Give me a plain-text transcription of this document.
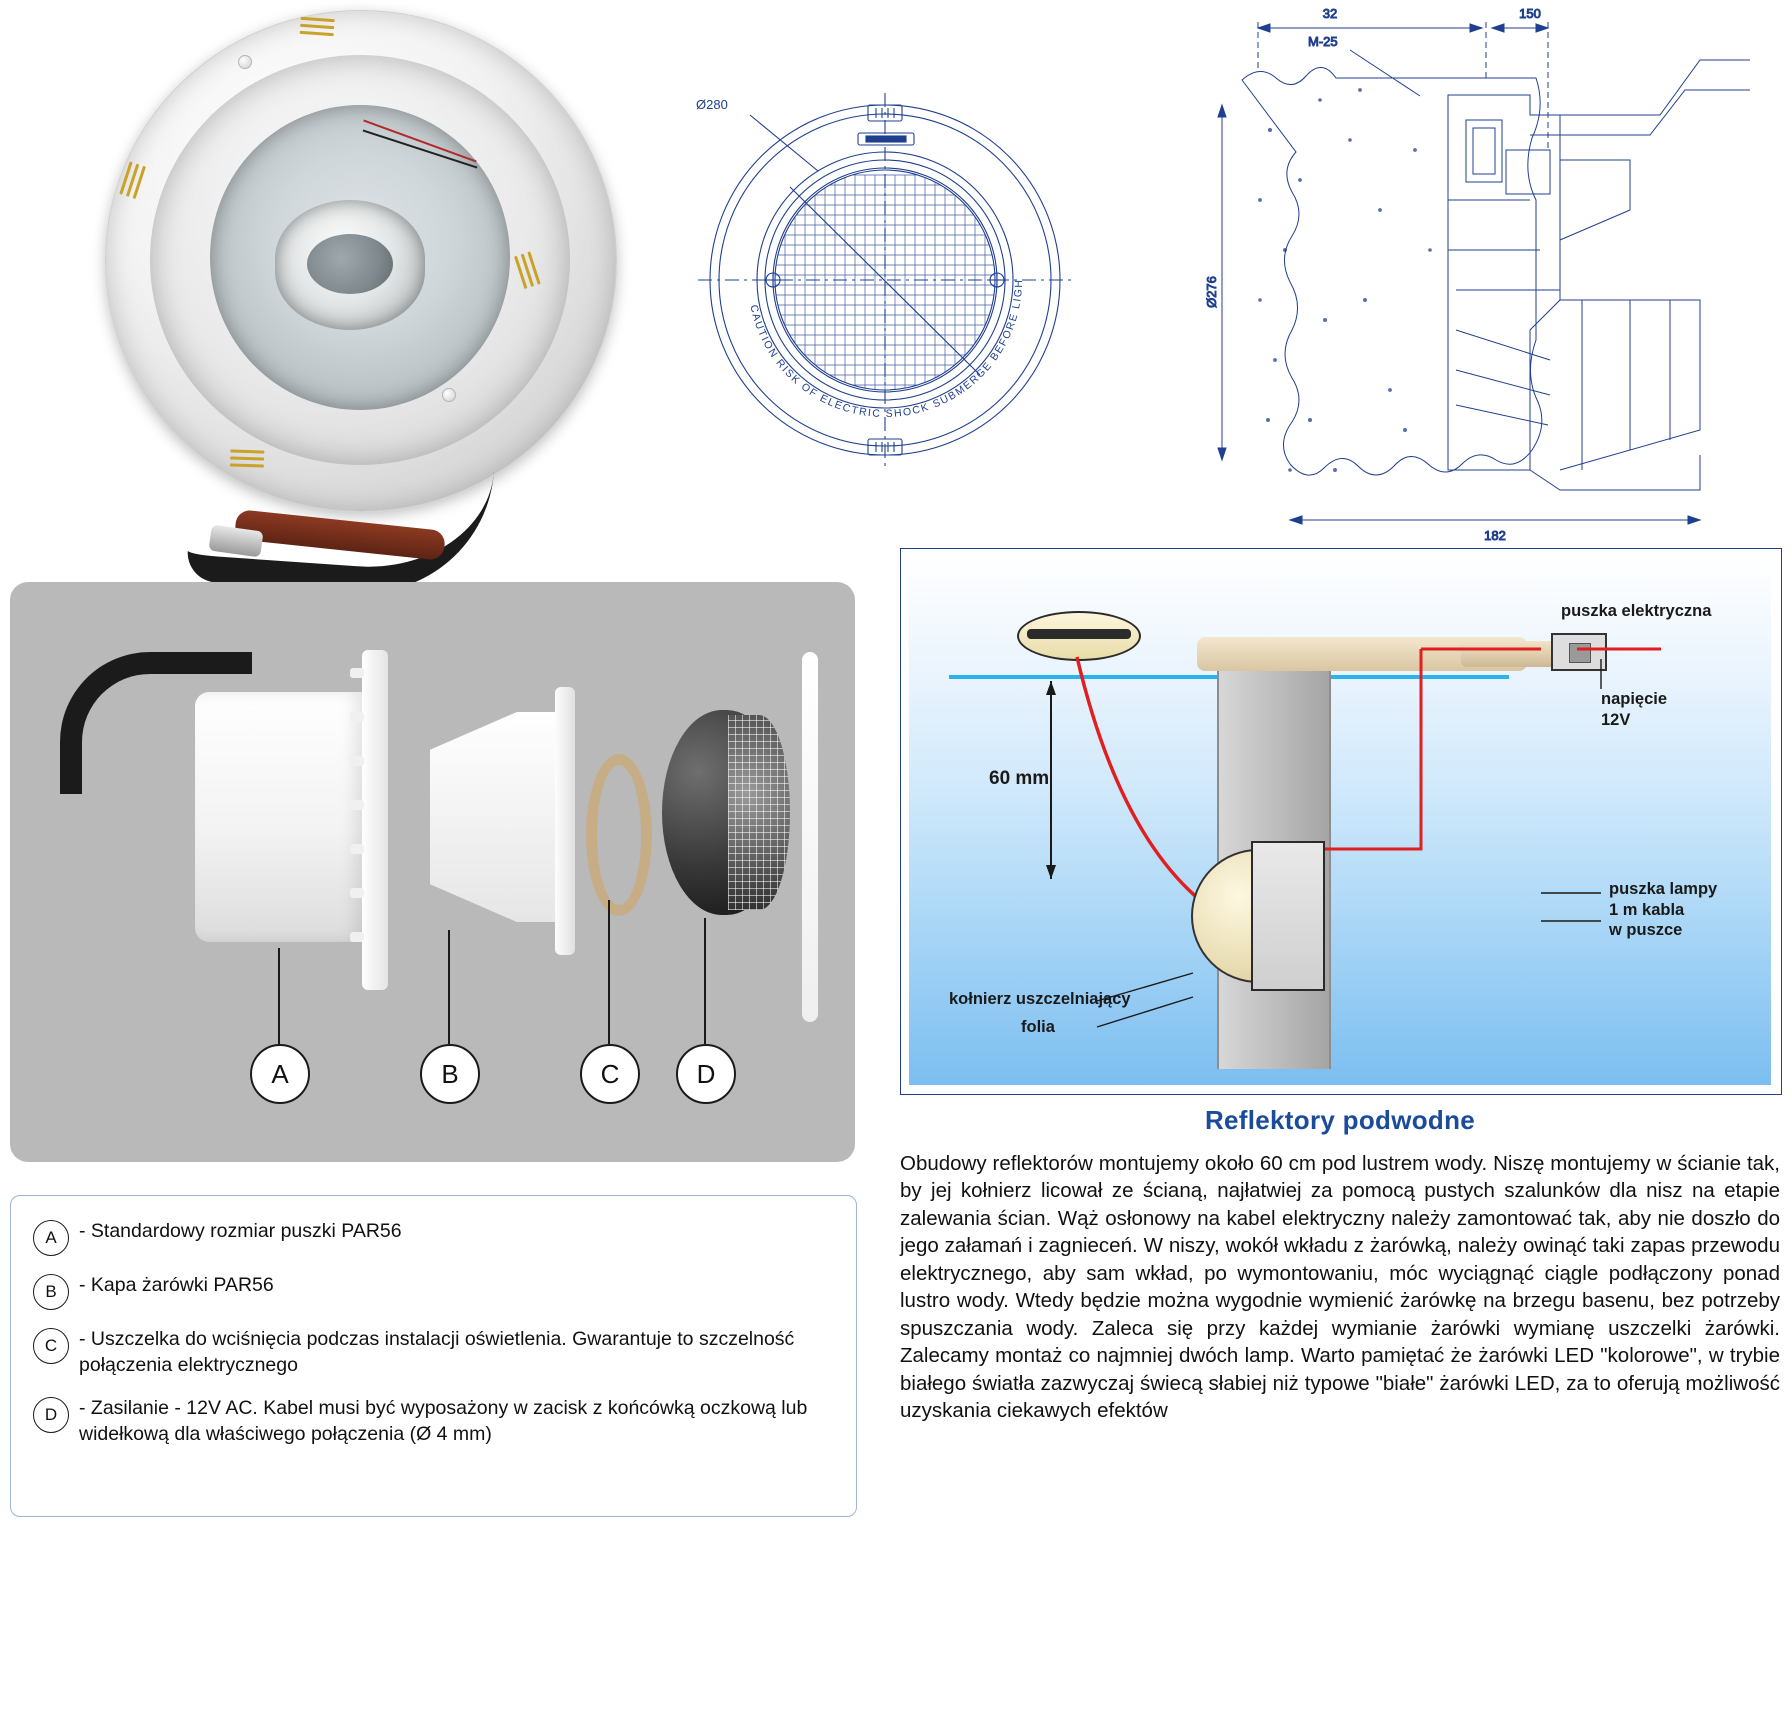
Ø280
CAUTION RISK OF ELECTRIC SHOCK SUBMERGE BEFORE LIGHTING
150
32
Ø276
182
M-25
A	B	C	D
A - Standardowy rozmiar puszki PAR56
B - Kapa żarówki PAR56
C - Uszczelka do wciśnięcia podczas instalacji oświetlenia. Gwarantuje to szczelność połączenia elektrycznego
D - Zasilanie - 12V AC. Kabel musi być wyposażony w zacisk z końcówką oczkową lub widełkową dla właściwego połączenia (Ø 4 mm)
puszka elektryczna
napięcie
12V
60 mm
puszka lampy
1 m kabla
w puszce
kołnierz uszczelniający
folia
Reflektory podwodne
Obudowy reflektorów montujemy około 60 cm pod lustrem wody. Niszę montujemy w ścianie tak, by jej kołnierz licował ze ścianą, najłatwiej za pomocą pustych szalunków dla nisz na etapie zalewania ścian. Wąż osłonowy na kabel elektryczny należy zamontować tak, aby nie doszło do jego załamań i zagnieceń. W niszy, wokół wkładu z żarówką, należy owinąć taki zapas przewodu elektrycznego, aby sam wkład, po wymontowaniu, móc wyciągnąć ciągle podłączony ponad lustro wody. Wtedy będzie można wygodnie wymienić żarówkę na brzegu basenu, bez potrzeby spuszczania wody. Zaleca się przy każdej wymianie żarówki wymianę uszczelki żarówki. Zalecamy montaż co najmniej dwóch lamp. Warto pamiętać że żarówki LED "kolorowe", w trybie białego światła zazwyczaj świecą słabiej niż typowe "białe" żarówki LED, za to oferują możliwość uzyskania ciekawych efektów
